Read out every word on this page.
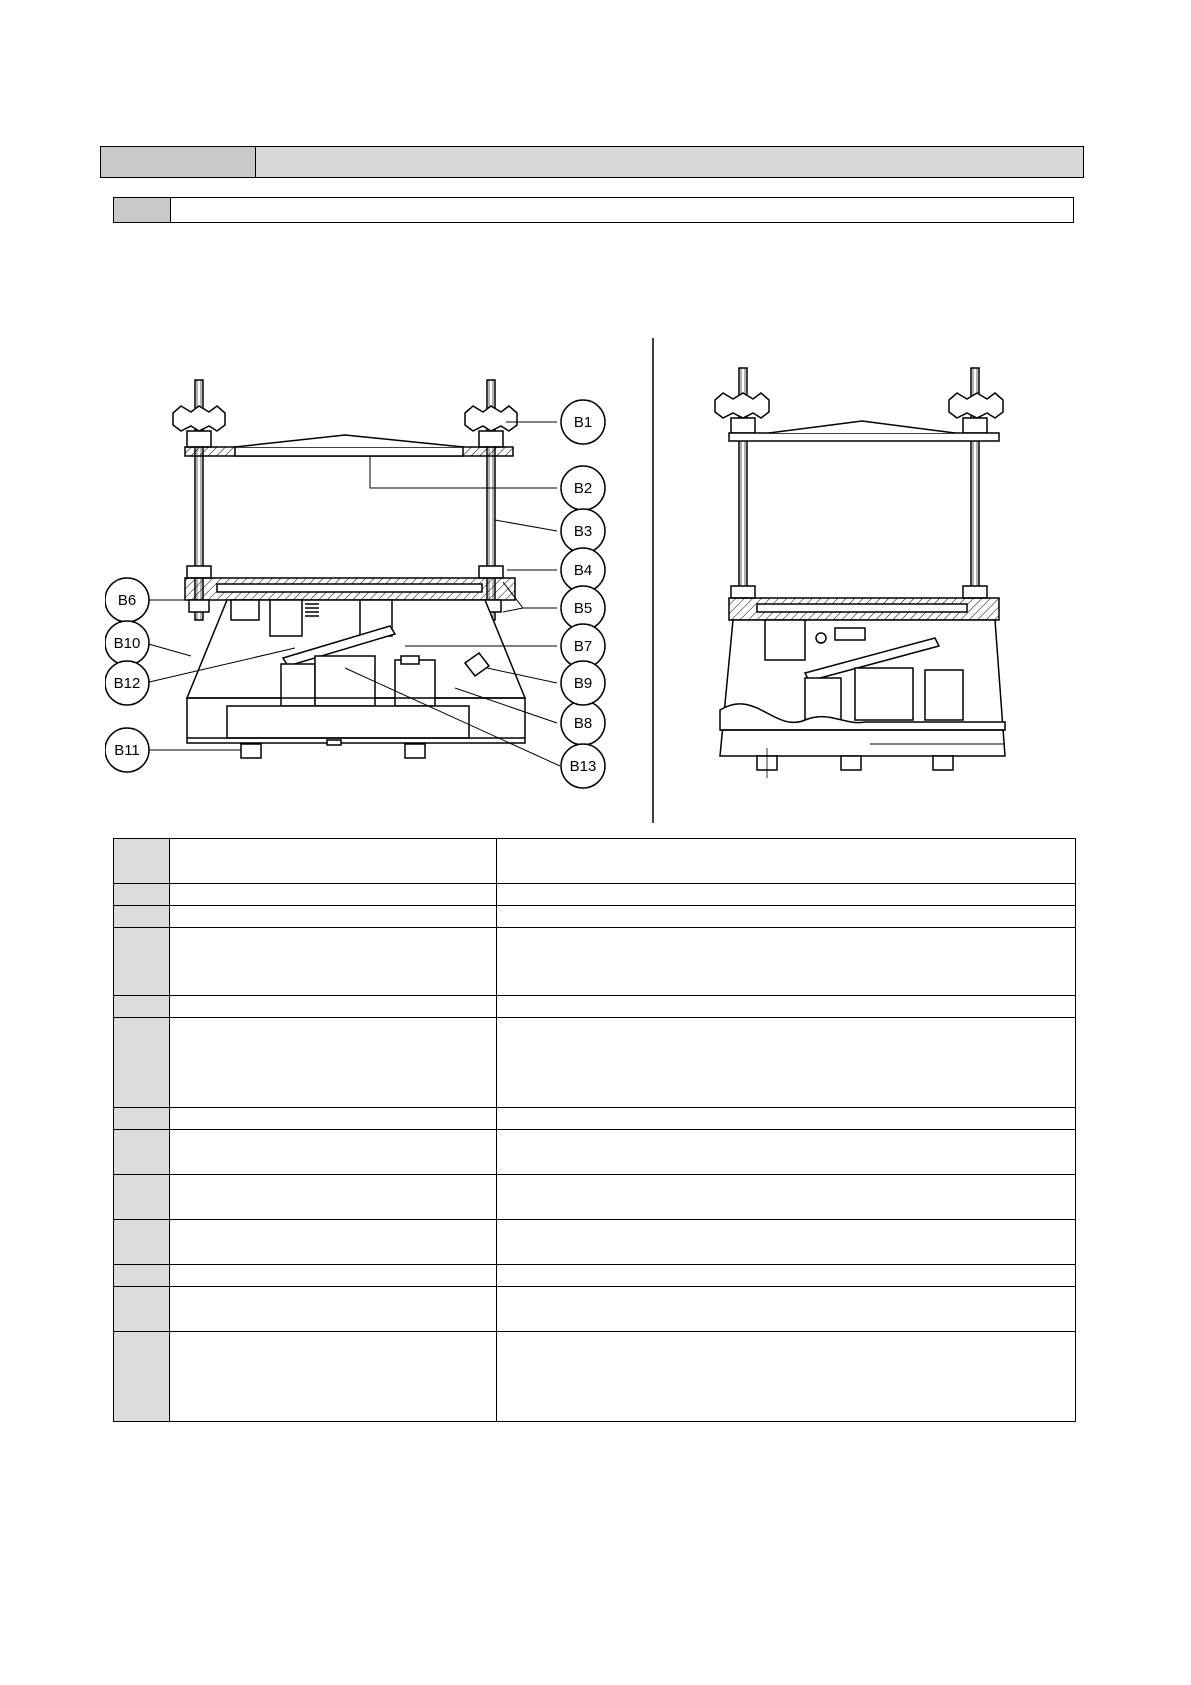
B1
B2
B3
B4
B5
B6
B7
B8
B9
B10
B11
B12
B13
